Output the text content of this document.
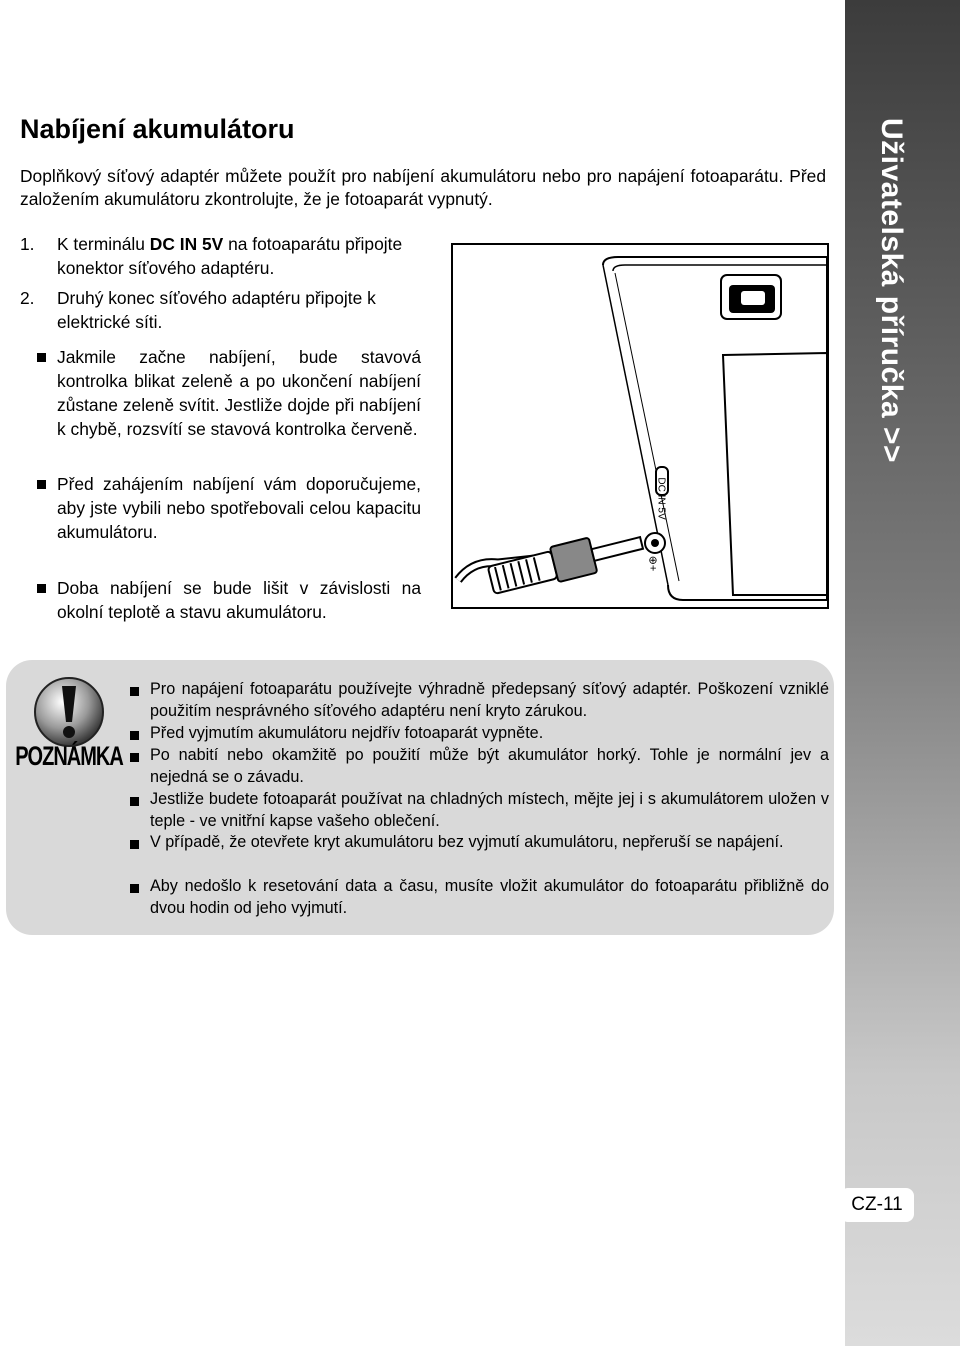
Uživatelská příručka >>
CZ-11
Nabíjení akumulátoru

Doplňkový síťový adaptér můžete použít pro nabíjení akumulátoru nebo pro napájení fotoaparátu. Před založením akumulátoru zkontrolujte, že je fotoaparát vypnutý.

1. K terminálu DC IN 5V na fotoaparátu připojte konektor síťového adaptéru.
2. Druhý konec síťového adaptéru připojte k elektrické síti.
Jakmile začne nabíjení, bude stavová kontrolka blikat zeleně a po ukončení nabíjení zůstane zeleně svítit. Jestliže dojde při nabíjení k chybě, rozsvítí se stavová kontrolka červeně.
Před zahájením nabíjení vám doporučujeme, aby jste vybili nebo spotřebovali celou kapacitu akumulátoru.
Doba nabíjení se bude lišit v závislosti na okolní teplotě a stavu akumulátoru.
DC IN 5V
⊕+
POZNÁMKA
Pro napájení fotoaparátu používejte výhradně předepsaný síťový adaptér. Poškození vzniklé použitím nesprávného síťového adaptéru není kryto zárukou.
Před vyjmutím akumulátoru nejdřív fotoaparát vypněte.
Po nabití nebo okamžitě po použití může být akumulátor horký. Tohle je normální jev a nejedná se o závadu.
Jestliže budete fotoaparát používat na chladných místech, mějte jej i s akumulátorem uložen v teple - ve vnitřní kapse vašeho oblečení.
V případě, že otevřete kryt akumulátoru bez vyjmutí akumulátoru, nepřeruší se napájení.
Aby nedošlo k resetování data a času, musíte vložit akumulátor do fotoaparátu přibližně do dvou hodin od jeho vyjmutí.
